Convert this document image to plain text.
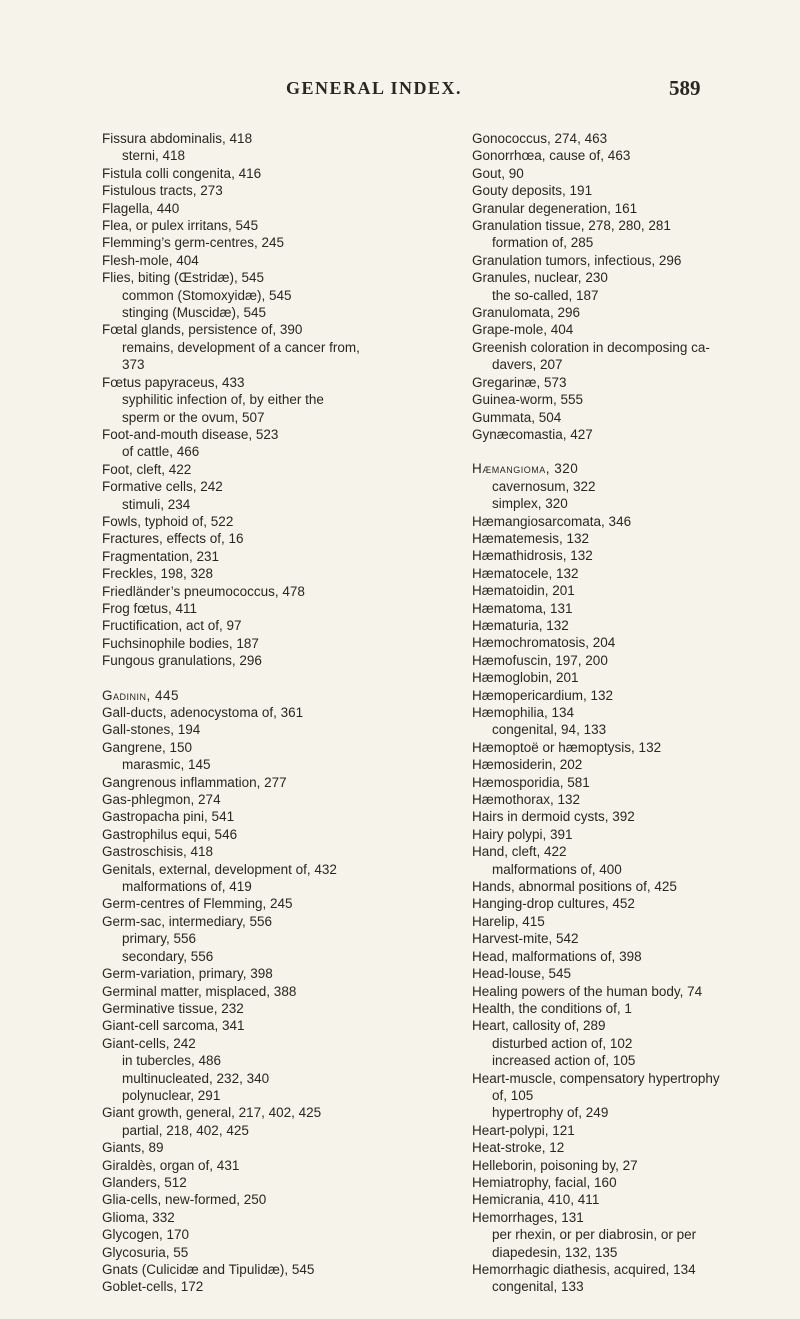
GENERAL INDEX.	589
Fissura abdominalis, 418
sterni, 418
Fistula colli congenita, 416
Fistulous tracts, 273
Flagella, 440
Flea, or pulex irritans, 545
Flemming’s germ-centres, 245
Flesh-mole, 404
Flies, biting (Œstridæ), 545
common (Stomoxyidæ), 545
stinging (Muscidæ), 545
Fœtal glands, persistence of, 390
remains, development of a cancer from,
373
Fœtus papyraceus, 433
syphilitic infection of, by either the
sperm or the ovum, 507
Foot-and-mouth disease, 523
of cattle, 466
Foot, cleft, 422
Formative cells, 242
stimuli, 234
Fowls, typhoid of, 522
Fractures, effects of, 16
Fragmentation, 231
Freckles, 198, 328
Friedländer’s pneumococcus, 478
Frog fœtus, 411
Fructification, act of, 97
Fuchsinophile bodies, 187
Fungous granulations, 296
Gadinin, 445
Gall-ducts, adenocystoma of, 361
Gall-stones, 194
Gangrene, 150
marasmic, 145
Gangrenous inflammation, 277
Gas-phlegmon, 274
Gastropacha pini, 541
Gastrophilus equi, 546
Gastroschisis, 418
Genitals, external, development of, 432
malformations of, 419
Germ-centres of Flemming, 245
Germ-sac, intermediary, 556
primary, 556
secondary, 556
Germ-variation, primary, 398
Germinal matter, misplaced, 388
Germinative tissue, 232
Giant-cell sarcoma, 341
Giant-cells, 242
in tubercles, 486
multinucleated, 232, 340
polynuclear, 291
Giant growth, general, 217, 402, 425
partial, 218, 402, 425
Giants, 89
Giraldès, organ of, 431
Glanders, 512
Glia-cells, new-formed, 250
Glioma, 332
Glycogen, 170
Glycosuria, 55
Gnats (Culicidæ and Tipulidæ), 545
Goblet-cells, 172
Gonococcus, 274, 463
Gonorrhœa, cause of, 463
Gout, 90
Gouty deposits, 191
Granular degeneration, 161
Granulation tissue, 278, 280, 281
formation of, 285
Granulation tumors, infectious, 296
Granules, nuclear, 230
the so-called, 187
Granulomata, 296
Grape-mole, 404
Greenish coloration in decomposing ca-
davers, 207
Gregarinæ, 573
Guinea-worm, 555
Gummata, 504
Gynæcomastia, 427
Hæmangioma, 320
cavernosum, 322
simplex, 320
Hæmangiosarcomata, 346
Hæmatemesis, 132
Hæmathidrosis, 132
Hæmatocele, 132
Hæmatoidin, 201
Hæmatoma, 131
Hæmaturia, 132
Hæmochromatosis, 204
Hæmofuscin, 197, 200
Hæmoglobin, 201
Hæmopericardium, 132
Hæmophilia, 134
congenital, 94, 133
Hæmoptoë or hæmoptysis, 132
Hæmosiderin, 202
Hæmosporidia, 581
Hæmothorax, 132
Hairs in dermoid cysts, 392
Hairy polypi, 391
Hand, cleft, 422
malformations of, 400
Hands, abnormal positions of, 425
Hanging-drop cultures, 452
Harelip, 415
Harvest-mite, 542
Head, malformations of, 398
Head-louse, 545
Healing powers of the human body, 74
Health, the conditions of, 1
Heart, callosity of, 289
disturbed action of, 102
increased action of, 105
Heart-muscle, compensatory hypertrophy
of, 105
hypertrophy of, 249
Heart-polypi, 121
Heat-stroke, 12
Helleborin, poisoning by, 27
Hemiatrophy, facial, 160
Hemicrania, 410, 411
Hemorrhages, 131
per rhexin, or per diabrosin, or per
diapedesin, 132, 135
Hemorrhagic diathesis, acquired, 134
congenital, 133
